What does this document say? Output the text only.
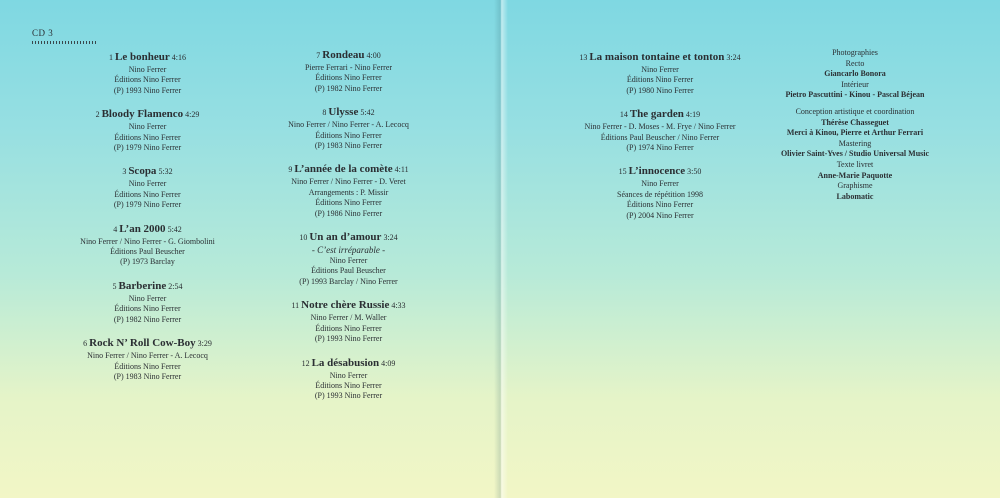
CD 3
1 Le bonheur 4:16
Nino Ferrer
Éditions Nino Ferrer
(P) 1993 Nino Ferrer
2 Bloody Flamenco 4:29
Nino Ferrer
Éditions Nino Ferrer
(P) 1979 Nino Ferrer
3 Scopa 5:32
Nino Ferrer
Éditions Nino Ferrer
(P) 1979 Nino Ferrer
4 L’an 2000 5:42
Nino Ferrer / Nino Ferrer - G. Giombolini
Éditions Paul Beuscher
(P) 1973 Barclay
5 Barberine 2:54
Nino Ferrer
Éditions Nino Ferrer
(P) 1982 Nino Ferrer
6 Rock N’ Roll Cow-Boy 3:29
Nino Ferrer / Nino Ferrer - A. Lecocq
Éditions Nino Ferrer
(P) 1983 Nino Ferrer
7 Rondeau 4:00
Pierre Ferrari - Nino Ferrer
Éditions Nino Ferrer
(P) 1982 Nino Ferrer
8 Ulysse 5:42
Nino Ferrer / Nino Ferrer - A. Lecocq
Éditions Nino Ferrer
(P) 1983 Nino Ferrer
9 L’année de la comète 4:11
Nino Ferrer / Nino Ferrer - D. Veret
Arrangements : P. Missir
Éditions Nino Ferrer
(P) 1986 Nino Ferrer
10 Un an d’amour 3:24
- C’est irréparable -
Nino Ferrer
Éditions Paul Beuscher
(P) 1993 Barclay / Nino Ferrer
11 Notre chère Russie 4:33
Nino Ferrer / M. Waller
Éditions Nino Ferrer
(P) 1993 Nino Ferrer
12 La désabusion 4:09
Nino Ferrer
Éditions Nino Ferrer
(P) 1993 Nino Ferrer
13 La maison tontaine et tonton 3:24
Nino Ferrer
Éditions Nino Ferrer
(P) 1980 Nino Ferrer
14 The garden 4:19
Nino Ferrer - D. Moses - M. Frye / Nino Ferrer
Éditions Paul Beuscher / Nino Ferrer
(P) 1974 Nino Ferrer
15 L’innocence 3:50
Nino Ferrer
Séances de répétition 1998
Éditions Nino Ferrer
(P) 2004 Nino Ferrer
Photographies
Recto
Giancarlo Bonora
Intérieur
Pietro Pascuttini - Kinou - Pascal Béjean
Conception artistique et coordination
Thérèse Chasseguet
Merci à Kinou, Pierre et Arthur Ferrari
Mastering
Olivier Saint-Yves / Studio Universal Music
Texte livret
Anne-Marie Paquotte
Graphisme
Labomatic
